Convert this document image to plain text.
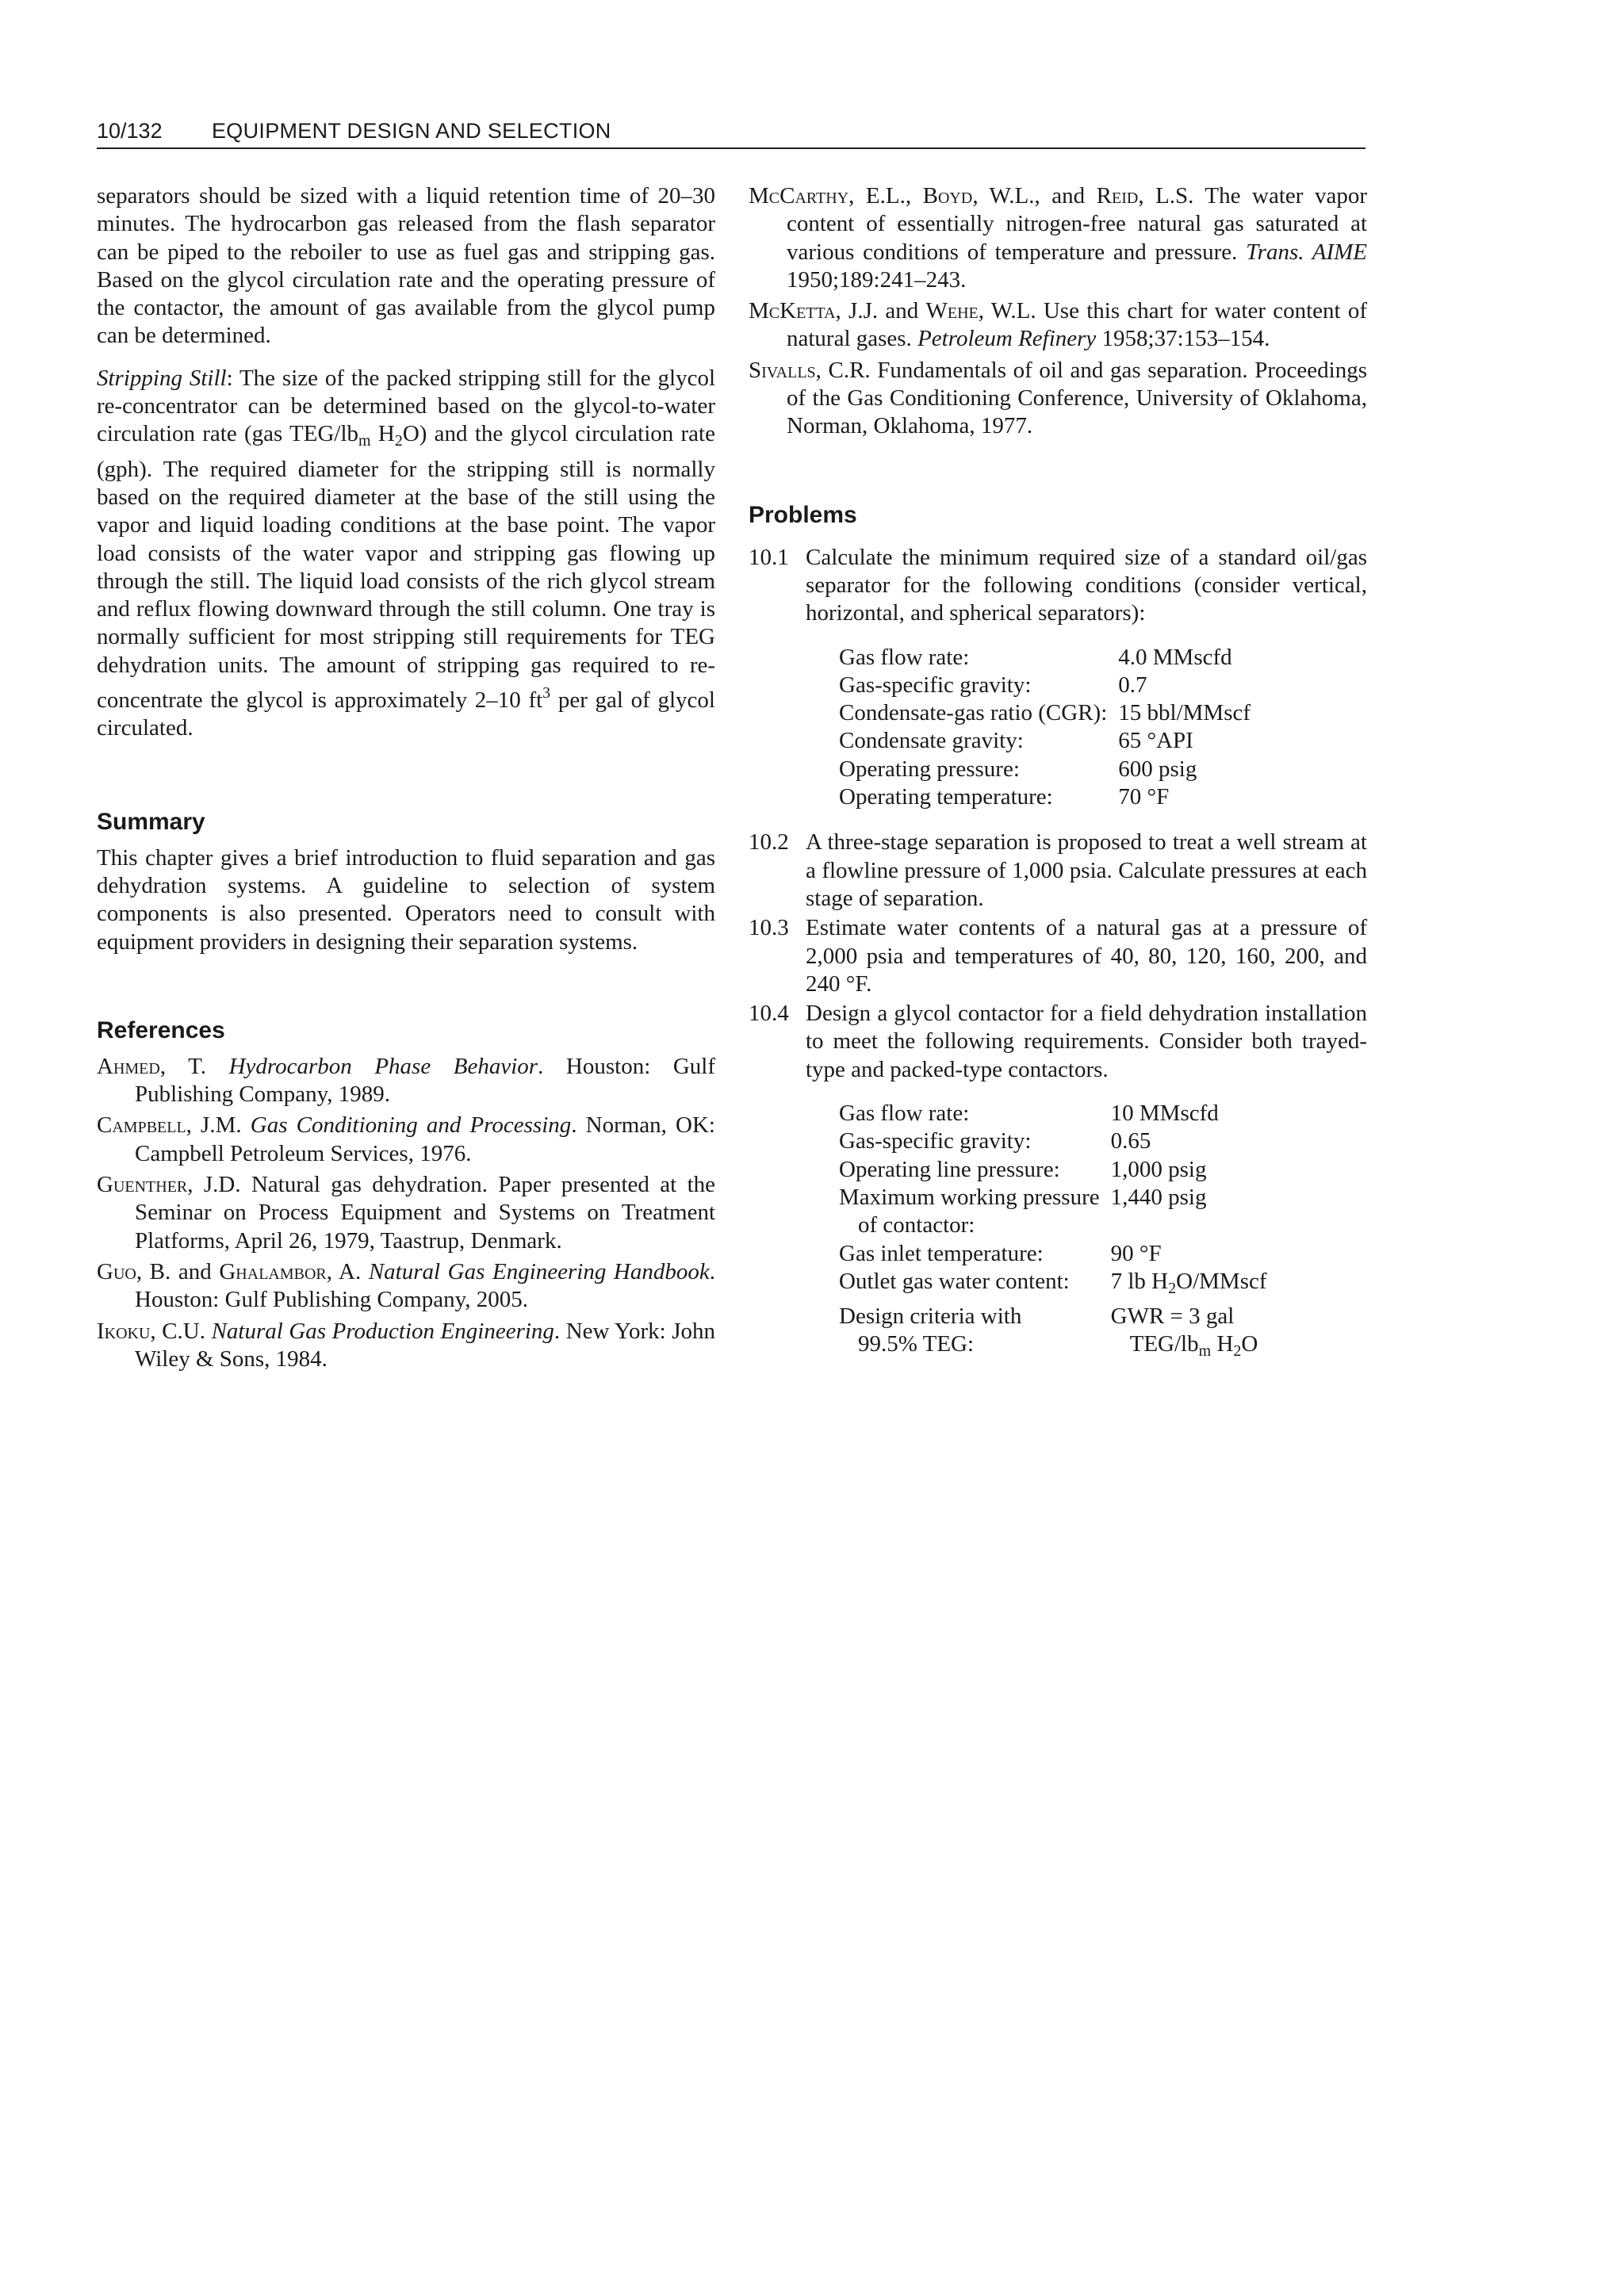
10/132 EQUIPMENT DESIGN AND SELECTION

separators should be sized with a liquid retention time of 20–30 minutes. The hydrocarbon gas released from the flash separator can be piped to the reboiler to use as fuel gas and stripping gas. Based on the glycol circulation rate and the operating pressure of the contactor, the amount of gas available from the glycol pump can be determined.

Stripping Still: The size of the packed stripping still for the glycol re-concentrator can be determined based on the glycol-to-water circulation rate (gas TEG/$lb_m$ $H_2O$) and the glycol circulation rate (gph). The required diameter for the stripping still is normally based on the required diameter at the base of the still using the vapor and liquid loading conditions at the base point. The vapor load consists of the water vapor and stripping gas flowing up through the still. The liquid load consists of the rich glycol stream and reflux flowing downward through the still column. One tray is normally sufficient for most stripping still requirements for TEG dehydration units. The amount of stripping gas required to re-concentrate the glycol is approximately 2–10 $ft^3$ per gal of glycol circulated.

Summary

This chapter gives a brief introduction to fluid separation and gas dehydration systems. A guideline to selection of system components is also presented. Operators need to consult with equipment providers in designing their separation systems.

References

Ahmed, T. Hydrocarbon Phase Behavior. Houston: Gulf Publishing Company, 1989.

Campbell, J.M. Gas Conditioning and Processing. Norman, OK: Campbell Petroleum Services, 1976.

Guenther, J.D. Natural gas dehydration. Paper presented at the Seminar on Process Equipment and Systems on Treatment Platforms, April 26, 1979, Taastrup, Denmark.

Guo, B. and Ghalambor, A. Natural Gas Engineering Handbook. Houston: Gulf Publishing Company, 2005.

Ikoku, C.U. Natural Gas Production Engineering. New York: John Wiley & Sons, 1984.

McCarthy, E.L., Boyd, W.L., and Reid, L.S. The water vapor content of essentially nitrogen-free natural gas saturated at various conditions of temperature and pressure. Trans. AIME 1950;189:241–243.

McKetta, J.J. and Wehe, W.L. Use this chart for water content of natural gases. Petroleum Refinery 1958;37:153–154.

Sivalls, C.R. Fundamentals of oil and gas separation. Proceedings of the Gas Conditioning Conference, University of Oklahoma, Norman, Oklahoma, 1977.

Problems

10.1 Calculate the minimum required size of a standard oil/gas separator for the following conditions (consider vertical, horizontal, and spherical separators):

Gas flow rate:	4.0 MMscfd
Gas-specific gravity:	0.7
Condensate-gas ratio (CGR):	15 bbl/MMscf
Condensate gravity:	65 °API
Operating pressure:	600 psig
Operating temperature:	70 °F

10.2 A three-stage separation is proposed to treat a well stream at a flowline pressure of 1,000 psia. Calculate pressures at each stage of separation.

10.3 Estimate water contents of a natural gas at a pressure of 2,000 psia and temperatures of 40, 80, 120, 160, 200, and 240 °F.

10.4 Design a glycol contactor for a field dehydration installation to meet the following requirements. Consider both trayed-type and packed-type contactors.

Gas flow rate:	10 MMscfd
Gas-specific gravity:	0.65
Operating line pressure:	1,000 psig
Maximum working pressure
of contactor:	1,440 psig
Gas inlet temperature:	90 °F
Outlet gas water content:	7 lb $H_2O$/MMscf
Design criteria with
99.5% TEG:	GWR = 3 gal
TEG/$lb_m$ $H_2O$
